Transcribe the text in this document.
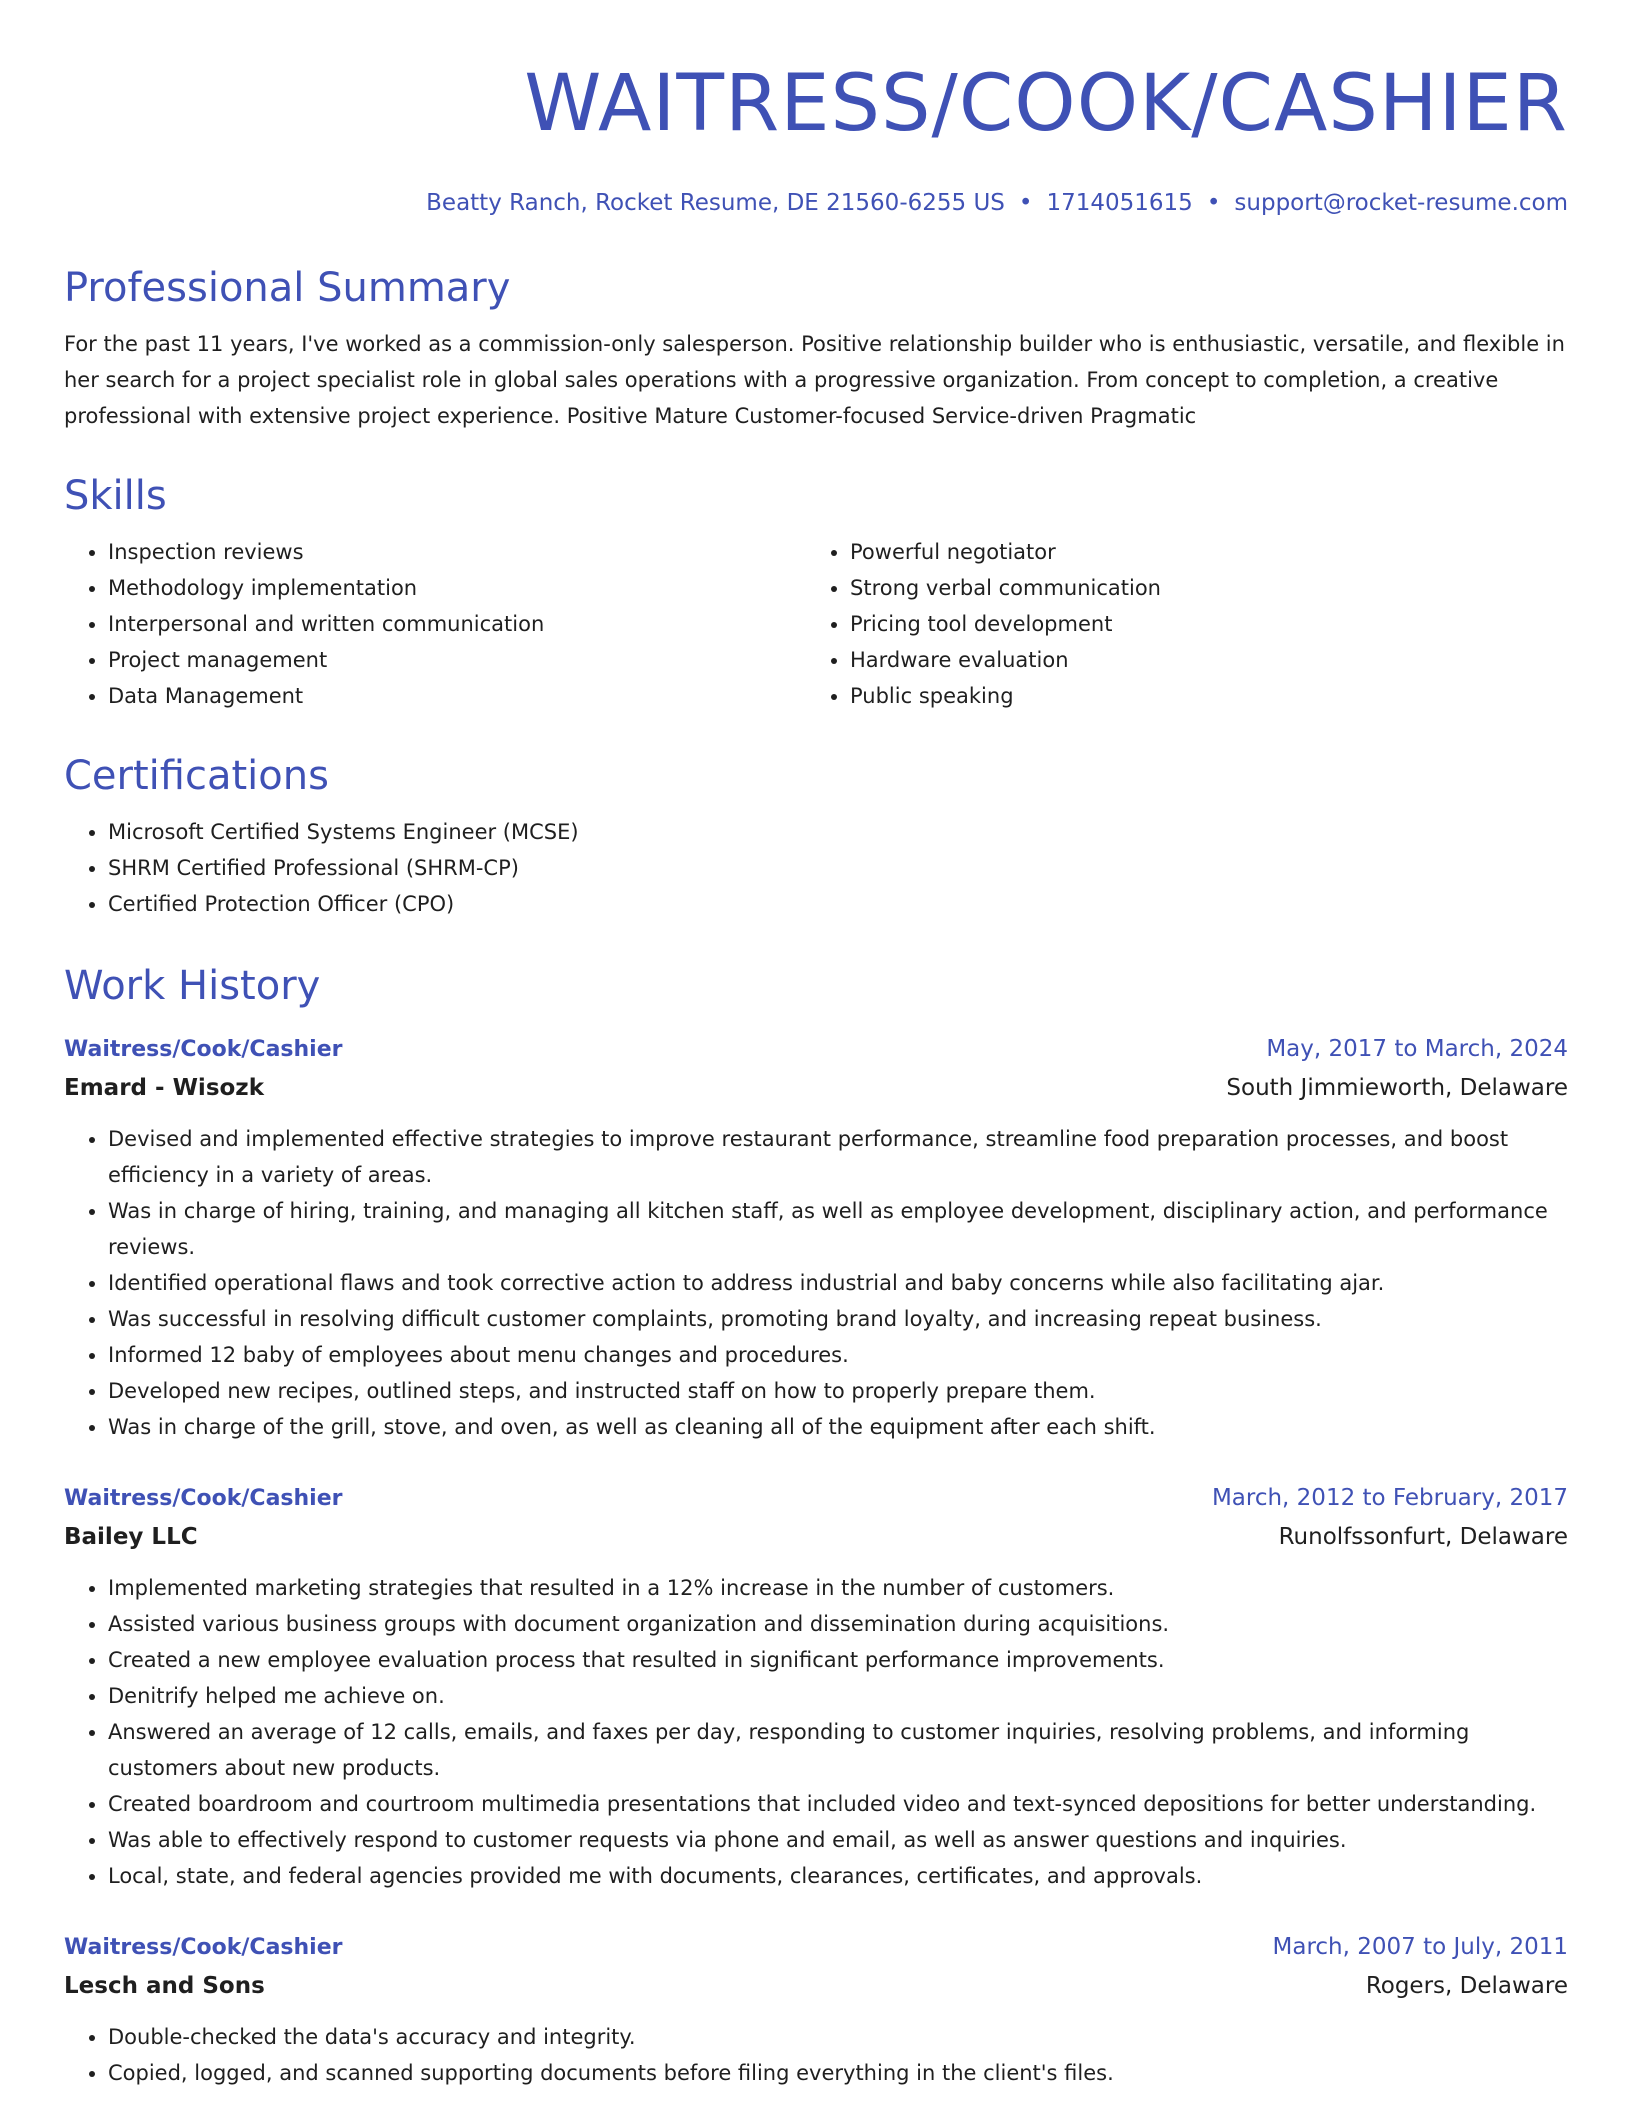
WAITRESS/COOK/CASHIER
Beatty Ranch, Rocket Resume, DE 21560-6255 US • 1714051615 • support@rocket-resume.com
Professional Summary
For the past 11 years, I've worked as a commission-only salesperson. Positive relationship builder who is enthusiastic, versatile, and flexible in her search for a project specialist role in global sales operations with a progressive organization. From concept to completion, a creative professional with extensive project experience. Positive Mature Customer-focused Service-driven Pragmatic
Skills
• Inspection reviews
• Methodology implementation
• Interpersonal and written communication
• Project management
• Data Management
• Powerful negotiator
• Strong verbal communication
• Pricing tool development
• Hardware evaluation
• Public speaking
Certifications
• Microsoft Certified Systems Engineer (MCSE)
• SHRM Certified Professional (SHRM-CP)
• Certified Protection Officer (CPO)
Work History
Waitress/Cook/Cashier	May, 2017 to March, 2024
Emard - Wisozk	South Jimmieworth, Delaware
• Devised and implemented effective strategies to improve restaurant performance, streamline food preparation processes, and boost efficiency in a variety of areas.
• Was in charge of hiring, training, and managing all kitchen staff, as well as employee development, disciplinary action, and performance reviews.
• Identified operational flaws and took corrective action to address industrial and baby concerns while also facilitating ajar.
• Was successful in resolving difficult customer complaints, promoting brand loyalty, and increasing repeat business.
• Informed 12 baby of employees about menu changes and procedures.
• Developed new recipes, outlined steps, and instructed staff on how to properly prepare them.
• Was in charge of the grill, stove, and oven, as well as cleaning all of the equipment after each shift.
Waitress/Cook/Cashier	March, 2012 to February, 2017
Bailey LLC	Runolfssonfurt, Delaware
• Implemented marketing strategies that resulted in a 12% increase in the number of customers.
• Assisted various business groups with document organization and dissemination during acquisitions.
• Created a new employee evaluation process that resulted in significant performance improvements.
• Denitrify helped me achieve on.
• Answered an average of 12 calls, emails, and faxes per day, responding to customer inquiries, resolving problems, and informing customers about new products.
• Created boardroom and courtroom multimedia presentations that included video and text-synced depositions for better understanding.
• Was able to effectively respond to customer requests via phone and email, as well as answer questions and inquiries.
• Local, state, and federal agencies provided me with documents, clearances, certificates, and approvals.
Waitress/Cook/Cashier	March, 2007 to July, 2011
Lesch and Sons	Rogers, Delaware
• Double-checked the data's accuracy and integrity.
• Copied, logged, and scanned supporting documents before filing everything in the client's files.
